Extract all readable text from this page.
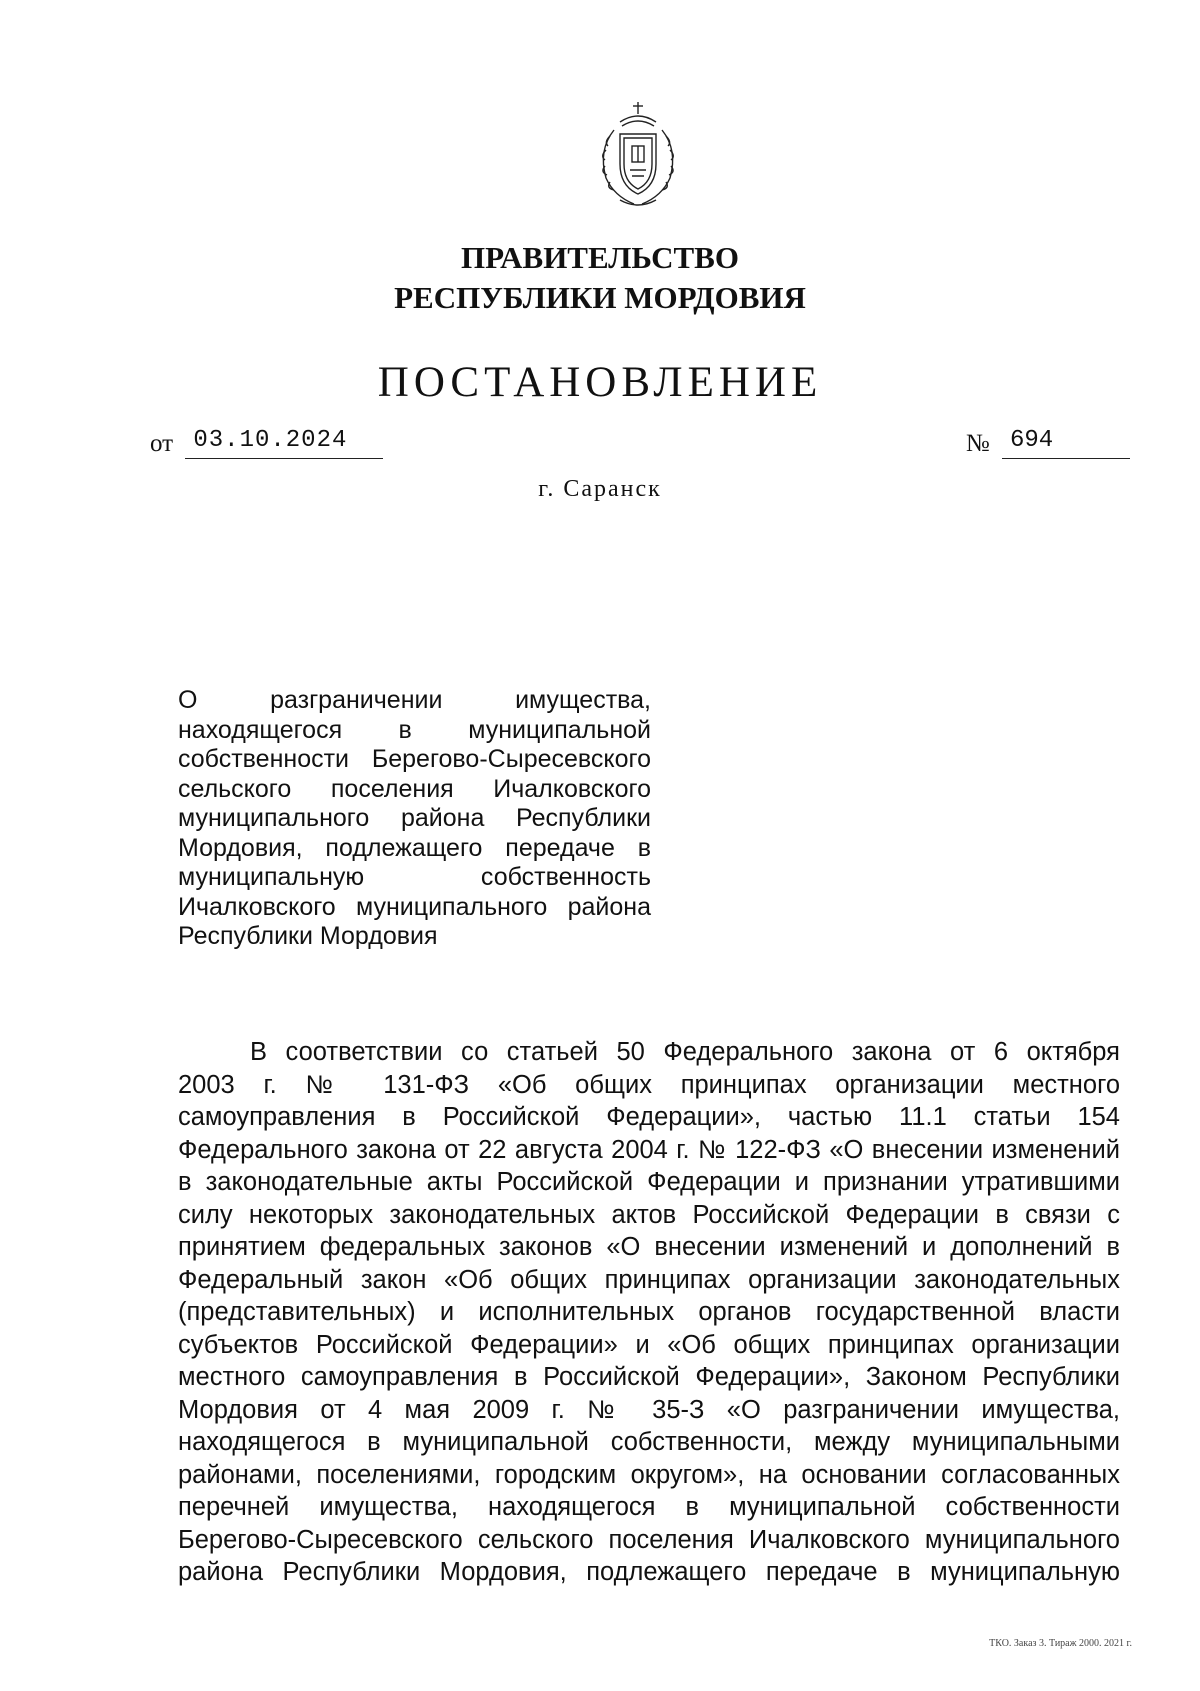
ПРАВИТЕЛЬСТВО
РЕСПУБЛИКИ МОРДОВИЯ
ПОСТАНОВЛЕНИЕ
от 03.10.2024	№ 694
г. Саранск
О разграничении имущества,
находящегося в муниципальной
собственности Берегово-Сыресевского
сельского поселения Ичалковского
муниципального района Республики
Мордовия, подлежащего передаче в
муниципальную собственность
Ичалковского муниципального района
Республики Мордовия
В соответствии со статьей 50 Федерального закона от 6 октября
2003 г. № 131-ФЗ «Об общих принципах организации местного
самоуправления в Российской Федерации», частью 11.1 статьи 154
Федерального закона от 22 августа 2004 г. № 122-ФЗ «О внесении изменений
в законодательные акты Российской Федерации и признании утратившими
силу некоторых законодательных актов Российской Федерации в связи с
принятием федеральных законов «О внесении изменений и дополнений в
Федеральный закон «Об общих принципах организации законодательных
(представительных) и исполнительных органов государственной власти
субъектов Российской Федерации» и «Об общих принципах организации
местного самоуправления в Российской Федерации», Законом Республики
Мордовия от 4 мая 2009 г. № 35-З «О разграничении имущества,
находящегося в муниципальной собственности, между муниципальными
районами, поселениями, городским округом», на основании согласованных
перечней имущества, находящегося в муниципальной собственности
Берегово-Сыресевского сельского поселения Ичалковского муниципального
района Республики Мордовия, подлежащего передаче в муниципальную
ТКО. Заказ 3. Тираж 2000. 2021 г.
